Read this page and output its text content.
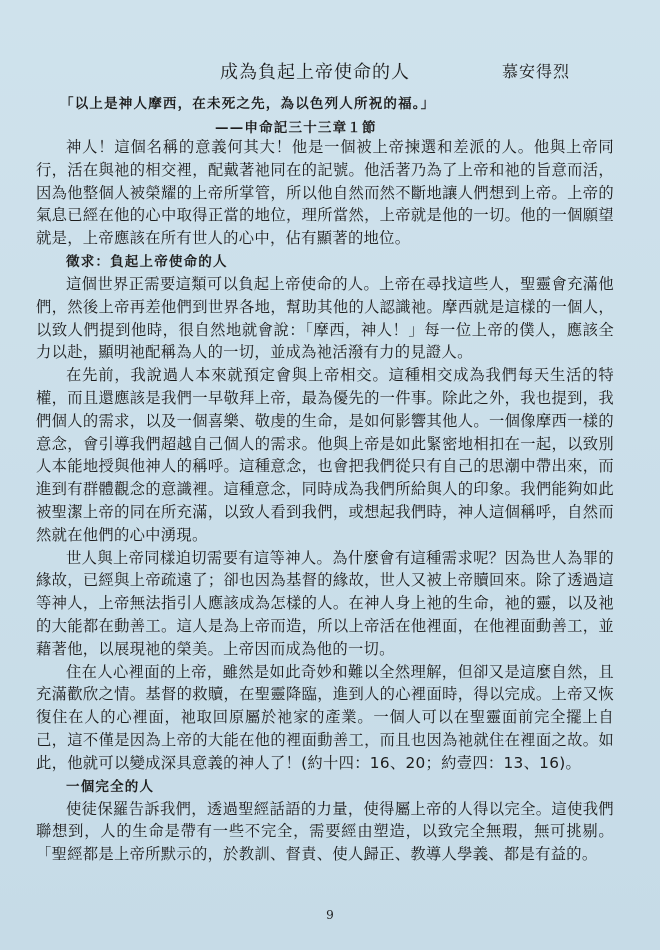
成為負起上帝使命的人	慕安得烈
「以上是神人摩西，在未死之先，為以色列人所祝的福。」
——申命記三十三章１節

神人！這個名稱的意義何其大！他是一個被上帝揀選和差派的人。他與上帝同行，活在與祂的相交裡，配戴著祂同在的記號。他活著乃為了上帝和祂的旨意而活，因為他整個人被榮耀的上帝所掌管，所以他自然而然不斷地讓人們想到上帝。上帝的氣息已經在他的心中取得正當的地位，理所當然，上帝就是他的一切。他的一個願望就是，上帝應該在所有世人的心中，佔有顯著的地位。

徵求：負起上帝使命的人

這個世界正需要這類可以負起上帝使命的人。上帝在尋找這些人，聖靈會充滿他們，然後上帝再差他們到世界各地，幫助其他的人認識祂。摩西就是這樣的一個人，以致人們提到他時，很自然地就會說：「摩西，神人！」每一位上帝的僕人，應該全力以赴，顯明祂配稱為人的一切，並成為祂活潑有力的見證人。

在先前，我說過人本來就預定會與上帝相交。這種相交成為我們每天生活的特權，而且還應該是我們一早敬拜上帝，最為優先的一件事。除此之外，我也提到，我們個人的需求，以及一個喜樂、敬虔的生命，是如何影響其他人。一個像摩西一樣的意念，會引導我們超越自己個人的需求。他與上帝是如此緊密地相扣在一起，以致別人本能地授與他神人的稱呼。這種意念，也會把我們從只有自己的思潮中帶出來，而進到有群體觀念的意識裡。這種意念，同時成為我們所給與人的印象。我們能夠如此被聖潔上帝的同在所充滿，以致人看到我們，或想起我們時，神人這個稱呼，自然而然就在他們的心中湧現。

世人與上帝同樣迫切需要有這等神人。為什麼會有這種需求呢？因為世人為罪的緣故，已經與上帝疏遠了；卻也因為基督的緣故，世人又被上帝贖回來。除了透過這等神人，上帝無法指引人應該成為怎樣的人。在神人身上祂的生命，祂的靈，以及祂的大能都在動善工。這人是為上帝而造，所以上帝活在他裡面，在他裡面動善工，並藉著他，以展現祂的榮美。上帝因而成為他的一切。

住在人心裡面的上帝，雖然是如此奇妙和難以全然理解，但卻又是這麼自然，且充滿歡欣之情。基督的救贖，在聖靈降臨，進到人的心裡面時，得以完成。上帝又恢復住在人的心裡面，祂取回原屬於祂家的產業。一個人可以在聖靈面前完全擺上自己，這不僅是因為上帝的大能在他的裡面動善工，而且也因為祂就住在裡面之故。如此，他就可以變成深具意義的神人了！(約十四：16、20；約壹四：13、16)。

一個完全的人

使徒保羅告訴我們，透過聖經話語的力量，使得屬上帝的人得以完全。這使我們聯想到，人的生命是帶有一些不完全，需要經由塑造，以致完全無瑕，無可挑剔。「聖經都是上帝所默示的，於教訓、督責、使人歸正、教導人學義、都是有益的。

9
